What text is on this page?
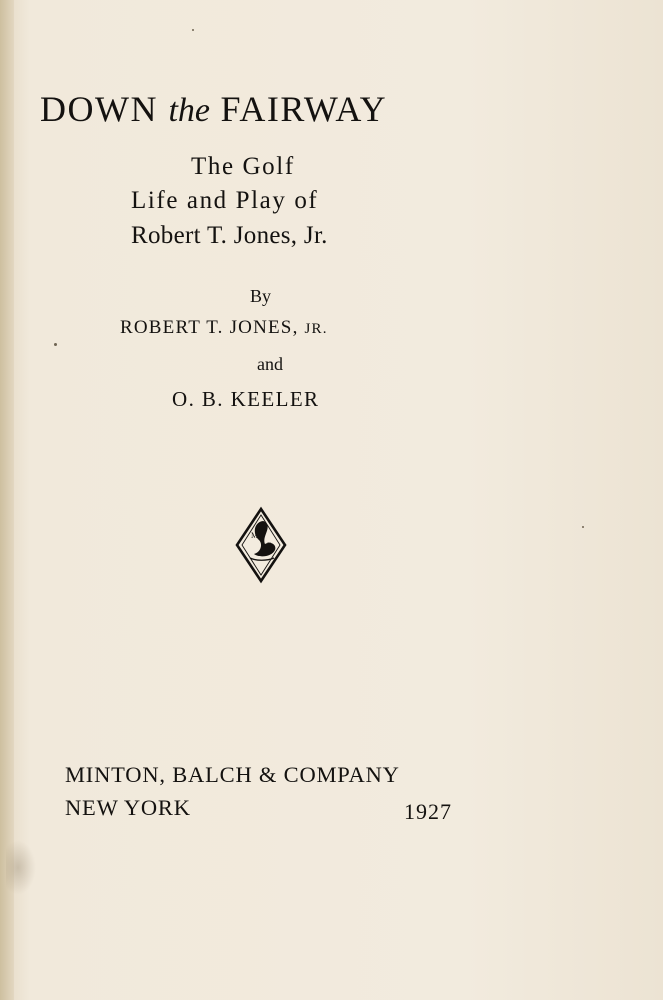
DOWN the FAIRWAY
The Golf
Life and Play of
Robert T. Jones, Jr.
By
ROBERT T. JONES, JR.
and
O. B. KEELER
M
B
MINTON, BALCH & COMPANY
NEW YORK	1927
